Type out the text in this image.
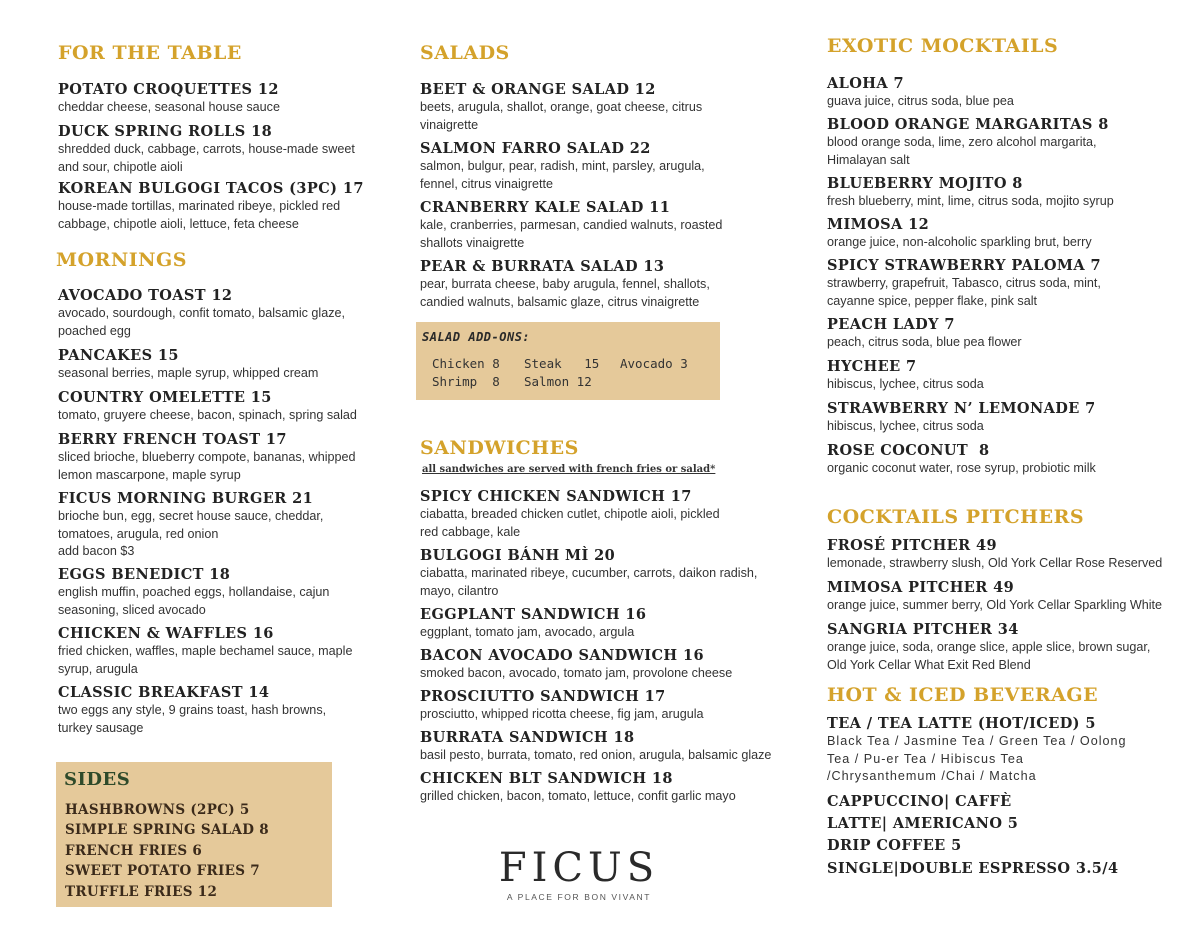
FOR THE TABLE
POTATO CROQUETTES 12
cheddar cheese, seasonal house sauce
DUCK SPRING ROLLS 18
shredded duck, cabbage, carrots, house-made sweet and sour, chipotle aioli
KOREAN BULGOGI TACOS (3PC) 17
house-made tortillas, marinated ribeye, pickled red cabbage, chipotle aioli, lettuce, feta cheese
MORNINGS
AVOCADO TOAST 12
avocado, sourdough, confit tomato, balsamic glaze, poached egg
PANCAKES 15
seasonal berries, maple syrup, whipped cream
COUNTRY OMELETTE 15
tomato, gruyere cheese, bacon, spinach, spring salad
BERRY FRENCH TOAST 17
sliced brioche, blueberry compote, bananas, whipped lemon mascarpone, maple syrup
FICUS MORNING BURGER 21
brioche bun, egg, secret house sauce, cheddar, tomatoes, arugula, red onion
add bacon $3
EGGS BENEDICT 18
english muffin, poached eggs, hollandaise, cajun seasoning, sliced avocado
CHICKEN & WAFFLES 16
fried chicken, waffles, maple bechamel sauce, maple syrup, arugula
CLASSIC BREAKFAST 14
two eggs any style, 9 grains toast, hash browns, turkey sausage
SIDES
HASHBROWNS (2PC) 5
SIMPLE SPRING SALAD 8
FRENCH FRIES 6
SWEET POTATO FRIES 7
TRUFFLE FRIES 12
SALADS
BEET & ORANGE SALAD 12
beets, arugula, shallot, orange, goat cheese, citrus vinaigrette
SALMON FARRO SALAD 22
salmon, bulgur, pear, radish, mint, parsley, arugula, fennel, citrus vinaigrette
CRANBERRY KALE SALAD 11
kale, cranberries, parmesan, candied walnuts, roasted shallots vinaigrette
PEAR & BURRATA SALAD 13
pear, burrata cheese, baby arugula, fennel, shallots, candied walnuts, balsamic glaze, citrus vinaigrette
SALAD ADD-ONS:
Chicken 8 Steak   15 Avocado 3
Shrimp  8 Salmon 12
SANDWICHES
all sandwiches are served with french fries or salad*
SPICY CHICKEN SANDWICH 17
ciabatta, breaded chicken cutlet, chipotle aioli, pickled red cabbage, kale
BULGOGI BÁNH MÌ 20
ciabatta, marinated ribeye, cucumber, carrots, daikon radish, mayo, cilantro
EGGPLANT SANDWICH 16
eggplant, tomato jam, avocado, argula
BACON AVOCADO SANDWICH 16
smoked bacon, avocado, tomato jam, provolone cheese
PROSCIUTTO SANDWICH 17
prosciutto, whipped ricotta cheese, fig jam, arugula
BURRATA SANDWICH 18
basil pesto, burrata, tomato, red onion, arugula, balsamic glaze
CHICKEN BLT SANDWICH 18
grilled chicken, bacon, tomato, lettuce, confit garlic mayo
FICUS
A PLACE FOR BON VIVANT
EXOTIC MOCKTAILS
ALOHA 7
guava juice, citrus soda, blue pea
BLOOD ORANGE MARGARITAS 8
blood orange soda, lime, zero alcohol margarita, Himalayan salt
BLUEBERRY MOJITO 8
fresh blueberry, mint, lime, citrus soda, mojito syrup
MIMOSA 12
orange juice, non-alcoholic sparkling brut, berry
SPICY STRAWBERRY PALOMA 7
strawberry, grapefruit, Tabasco, citrus soda, mint, cayanne spice, pepper flake, pink salt
PEACH LADY 7
peach, citrus soda, blue pea flower
HYCHEE 7
hibiscus, lychee, citrus soda
STRAWBERRY N’ LEMONADE 7
hibiscus, lychee, citrus soda
ROSE COCONUT  8
organic coconut water, rose syrup, probiotic milk
COCKTAILS PITCHERS
FROSÉ PITCHER 49
lemonade, strawberry slush, Old York Cellar Rose Reserved
MIMOSA PITCHER 49
orange juice, summer berry, Old York Cellar Sparkling White
SANGRIA PITCHER 34
orange juice, soda, orange slice, apple slice, brown sugar, Old York Cellar What Exit Red Blend
HOT & ICED BEVERAGE
TEA / TEA LATTE (HOT/ICED) 5
Black Tea / Jasmine Tea / Green Tea / Oolong Tea / Pu-er Tea / Hibiscus Tea /Chrysanthemum /Chai / Matcha
CAPPUCCINO| CAFFÈ LATTE| AMERICANO 5
DRIP COFFEE 5
SINGLE|DOUBLE ESPRESSO 3.5/4
